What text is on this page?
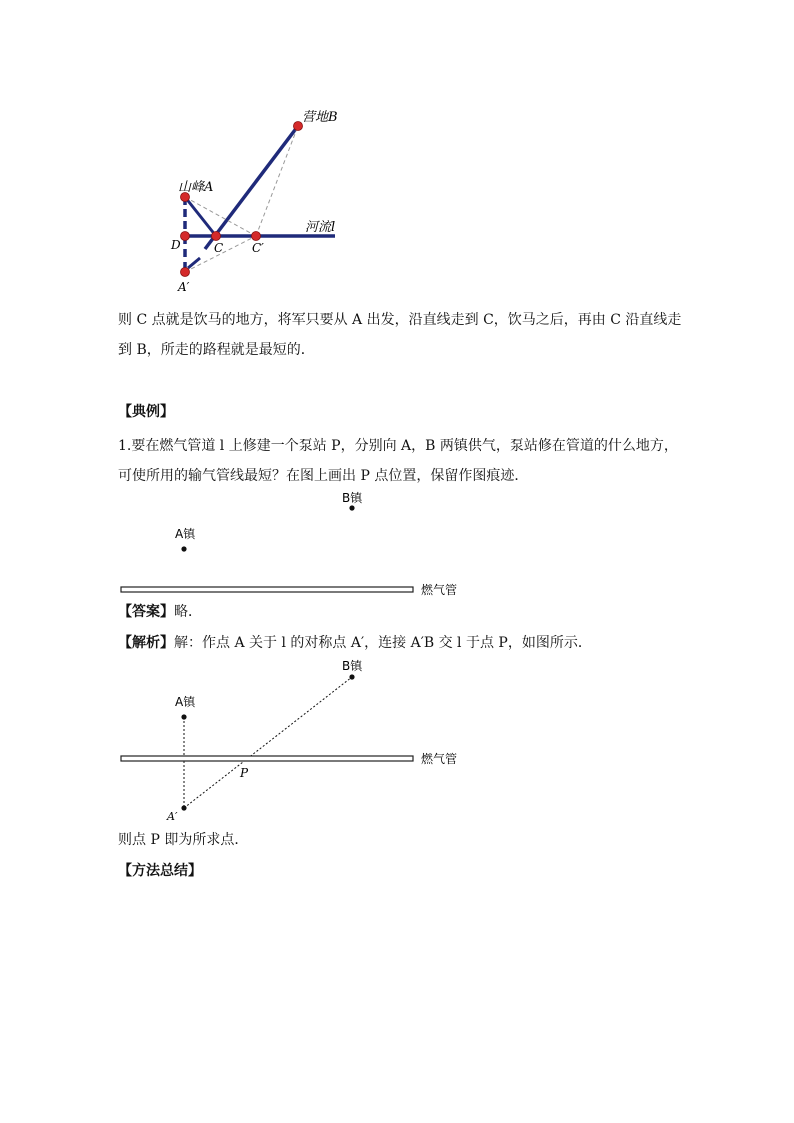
营地B
山峰A
河流l
D	C C′
A′
则 C 点就是饮马的地方，将军只要从 A 出发，沿直线走到 C，饮马之后，再由 C 沿直线走
到 B，所走的路程就是最短的．
【典例】
1.要在燃气管道 l 上修建一个泵站 P，分别向 A，B 两镇供气，泵站修在管道的什么地方，
可使所用的输气管线最短？在图上画出 P 点位置，保留作图痕迹．
B镇
A镇
燃气管
【答案】略．
【解析】解：作点 A 关于 l 的对称点 A′，连接 A′B 交 l 于点 P，如图所示．
B镇
A镇
燃气管
P
A′
则点 P 即为所求点．
【方法总结】
